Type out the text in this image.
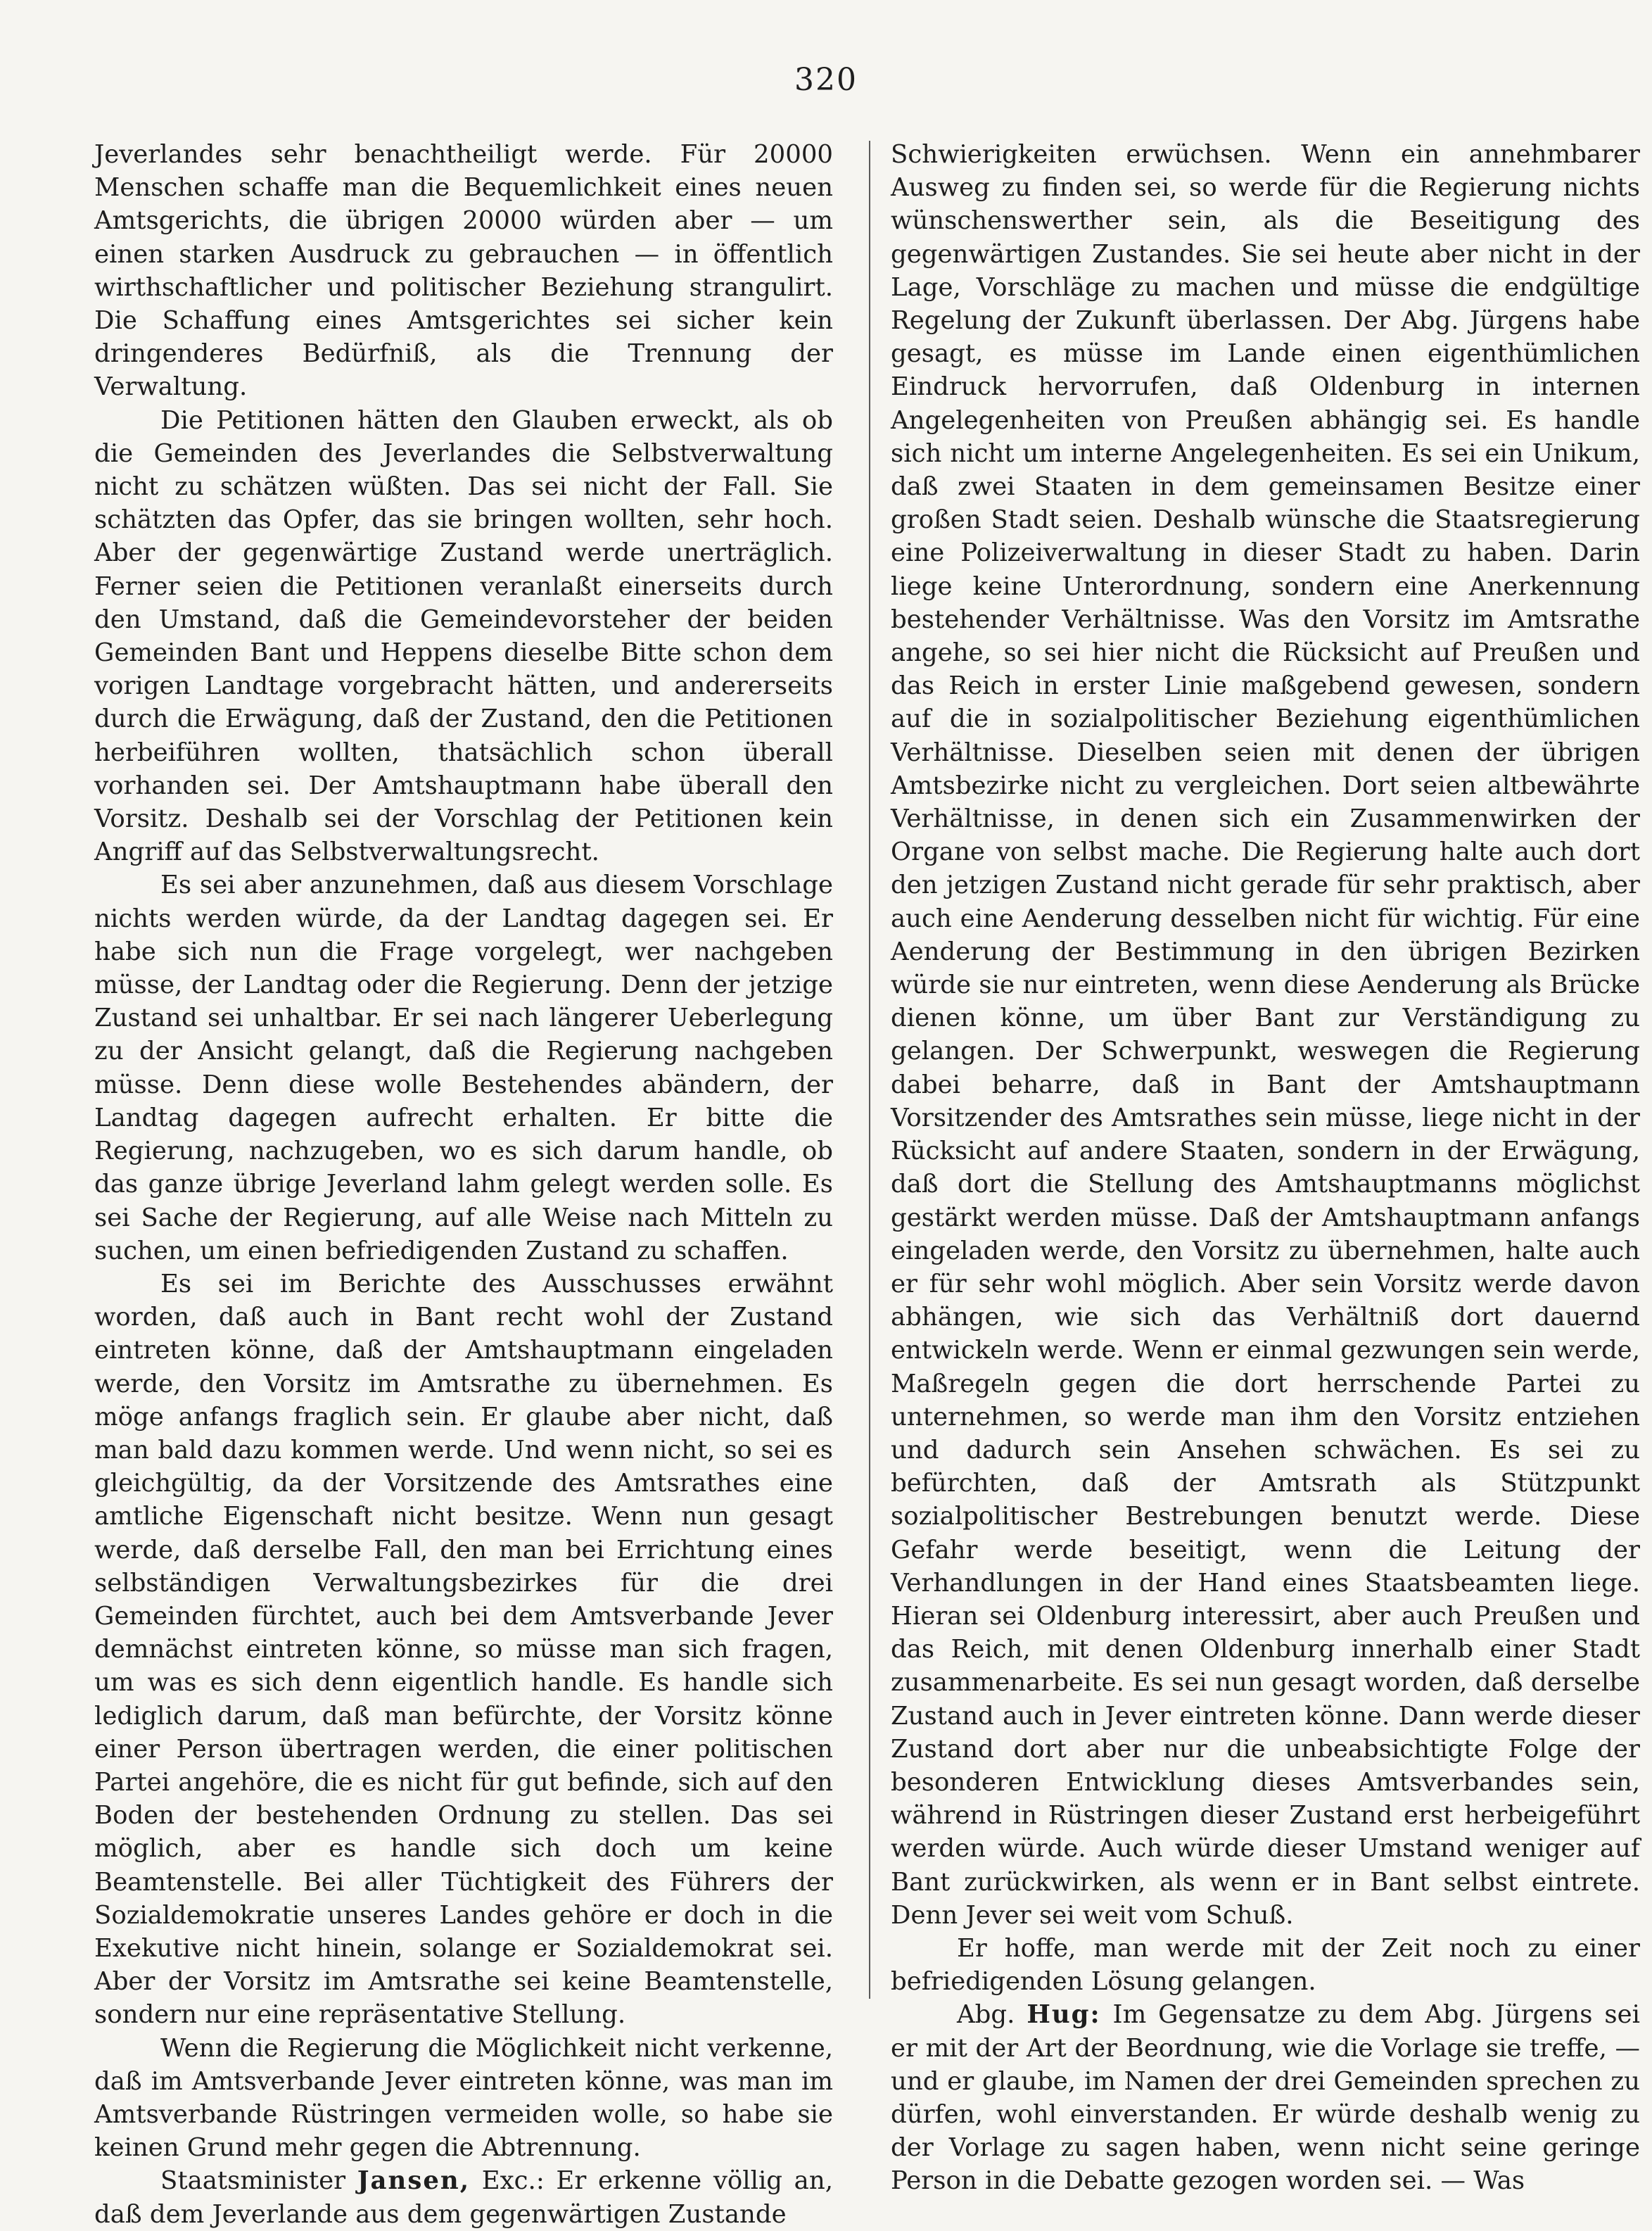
320

Jeverlandes sehr benachtheiligt werde. Für 20000 Menschen schaffe man die Bequemlichkeit eines neuen Amtsgerichts, die übrigen 20000 würden aber — um einen starken Ausdruck zu gebrauchen — in öffentlich wirthschaftlicher und politischer Beziehung strangulirt. Die Schaffung eines Amtsgerichtes sei sicher kein dringenderes Bedürfniß, als die Trennung der Verwaltung.

Die Petitionen hätten den Glauben erweckt, als ob die Gemeinden des Jeverlandes die Selbstverwaltung nicht zu schätzen wüßten. Das sei nicht der Fall. Sie schätzten das Opfer, das sie bringen wollten, sehr hoch. Aber der gegenwärtige Zustand werde unerträglich. Ferner seien die Petitionen veranlaßt einerseits durch den Umstand, daß die Gemeindevorsteher der beiden Gemeinden Bant und Heppens dieselbe Bitte schon dem vorigen Landtage vorgebracht hätten, und andererseits durch die Erwägung, daß der Zustand, den die Petitionen herbeiführen wollten, thatsächlich schon überall vorhanden sei. Der Amtshauptmann habe überall den Vorsitz. Deshalb sei der Vorschlag der Petitionen kein Angriff auf das Selbstverwaltungsrecht.

Es sei aber anzunehmen, daß aus diesem Vorschlage nichts werden würde, da der Landtag dagegen sei. Er habe sich nun die Frage vorgelegt, wer nachgeben müsse, der Landtag oder die Regierung. Denn der jetzige Zustand sei unhaltbar. Er sei nach längerer Ueberlegung zu der Ansicht gelangt, daß die Regierung nachgeben müsse. Denn diese wolle Bestehendes abändern, der Landtag dagegen aufrecht erhalten. Er bitte die Regierung, nachzugeben, wo es sich darum handle, ob das ganze übrige Jeverland lahm gelegt werden solle. Es sei Sache der Regierung, auf alle Weise nach Mitteln zu suchen, um einen befriedigenden Zustand zu schaffen.

Es sei im Berichte des Ausschusses erwähnt worden, daß auch in Bant recht wohl der Zustand eintreten könne, daß der Amtshauptmann eingeladen werde, den Vorsitz im Amtsrathe zu übernehmen. Es möge anfangs fraglich sein. Er glaube aber nicht, daß man bald dazu kommen werde. Und wenn nicht, so sei es gleichgültig, da der Vorsitzende des Amtsrathes eine amtliche Eigenschaft nicht besitze. Wenn nun gesagt werde, daß derselbe Fall, den man bei Errichtung eines selbständigen Verwaltungsbezirkes für die drei Gemeinden fürchtet, auch bei dem Amtsverbande Jever demnächst eintreten könne, so müsse man sich fragen, um was es sich denn eigentlich handle. Es handle sich lediglich darum, daß man befürchte, der Vorsitz könne einer Person übertragen werden, die einer politischen Partei angehöre, die es nicht für gut befinde, sich auf den Boden der bestehenden Ordnung zu stellen. Das sei möglich, aber es handle sich doch um keine Beamtenstelle. Bei aller Tüchtigkeit des Führers der Sozialdemokratie unseres Landes gehöre er doch in die Exekutive nicht hinein, solange er Sozialdemokrat sei. Aber der Vorsitz im Amtsrathe sei keine Beamtenstelle, sondern nur eine repräsentative Stellung.

Wenn die Regierung die Möglichkeit nicht verkenne, daß im Amtsverbande Jever eintreten könne, was man im Amtsverbande Rüstringen vermeiden wolle, so habe sie keinen Grund mehr gegen die Abtrennung.

Staatsminister Jansen, Exc.: Er erkenne völlig an, daß dem Jeverlande aus dem gegenwärtigen Zustande

Schwierigkeiten erwüchsen. Wenn ein annehmbarer Ausweg zu finden sei, so werde für die Regierung nichts wünschenswerther sein, als die Beseitigung des gegenwärtigen Zustandes. Sie sei heute aber nicht in der Lage, Vorschläge zu machen und müsse die endgültige Regelung der Zukunft überlassen. Der Abg. Jürgens habe gesagt, es müsse im Lande einen eigenthümlichen Eindruck hervorrufen, daß Oldenburg in internen Angelegenheiten von Preußen abhängig sei. Es handle sich nicht um interne Angelegenheiten. Es sei ein Unikum, daß zwei Staaten in dem gemeinsamen Besitze einer großen Stadt seien. Deshalb wünsche die Staatsregierung eine Polizeiverwaltung in dieser Stadt zu haben. Darin liege keine Unterordnung, sondern eine Anerkennung bestehender Verhältnisse. Was den Vorsitz im Amtsrathe angehe, so sei hier nicht die Rücksicht auf Preußen und das Reich in erster Linie maßgebend gewesen, sondern auf die in sozialpolitischer Beziehung eigenthümlichen Verhältnisse. Dieselben seien mit denen der übrigen Amtsbezirke nicht zu vergleichen. Dort seien altbewährte Verhältnisse, in denen sich ein Zusammenwirken der Organe von selbst mache. Die Regierung halte auch dort den jetzigen Zustand nicht gerade für sehr praktisch, aber auch eine Aenderung desselben nicht für wichtig. Für eine Aenderung der Bestimmung in den übrigen Bezirken würde sie nur eintreten, wenn diese Aenderung als Brücke dienen könne, um über Bant zur Verständigung zu gelangen. Der Schwerpunkt, weswegen die Regierung dabei beharre, daß in Bant der Amtshauptmann Vorsitzender des Amtsrathes sein müsse, liege nicht in der Rücksicht auf andere Staaten, sondern in der Erwägung, daß dort die Stellung des Amtshauptmanns möglichst gestärkt werden müsse. Daß der Amtshauptmann anfangs eingeladen werde, den Vorsitz zu übernehmen, halte auch er für sehr wohl möglich. Aber sein Vorsitz werde davon abhängen, wie sich das Verhältniß dort dauernd entwickeln werde. Wenn er einmal gezwungen sein werde, Maßregeln gegen die dort herrschende Partei zu unternehmen, so werde man ihm den Vorsitz entziehen und dadurch sein Ansehen schwächen. Es sei zu befürchten, daß der Amtsrath als Stützpunkt sozialpolitischer Bestrebungen benutzt werde. Diese Gefahr werde beseitigt, wenn die Leitung der Verhandlungen in der Hand eines Staatsbeamten liege. Hieran sei Oldenburg interessirt, aber auch Preußen und das Reich, mit denen Oldenburg innerhalb einer Stadt zusammenarbeite. Es sei nun gesagt worden, daß derselbe Zustand auch in Jever eintreten könne. Dann werde dieser Zustand dort aber nur die unbeabsichtigte Folge der besonderen Entwicklung dieses Amtsverbandes sein, während in Rüstringen dieser Zustand erst herbeigeführt werden würde. Auch würde dieser Umstand weniger auf Bant zurückwirken, als wenn er in Bant selbst eintrete. Denn Jever sei weit vom Schuß.

Er hoffe, man werde mit der Zeit noch zu einer befriedigenden Lösung gelangen.

Abg. Hug: Im Gegensatze zu dem Abg. Jürgens sei er mit der Art der Beordnung, wie die Vorlage sie treffe, — und er glaube, im Namen der drei Gemeinden sprechen zu dürfen, wohl einverstanden. Er würde deshalb wenig zu der Vorlage zu sagen haben, wenn nicht seine geringe Person in die Debatte gezogen worden sei. — Was
